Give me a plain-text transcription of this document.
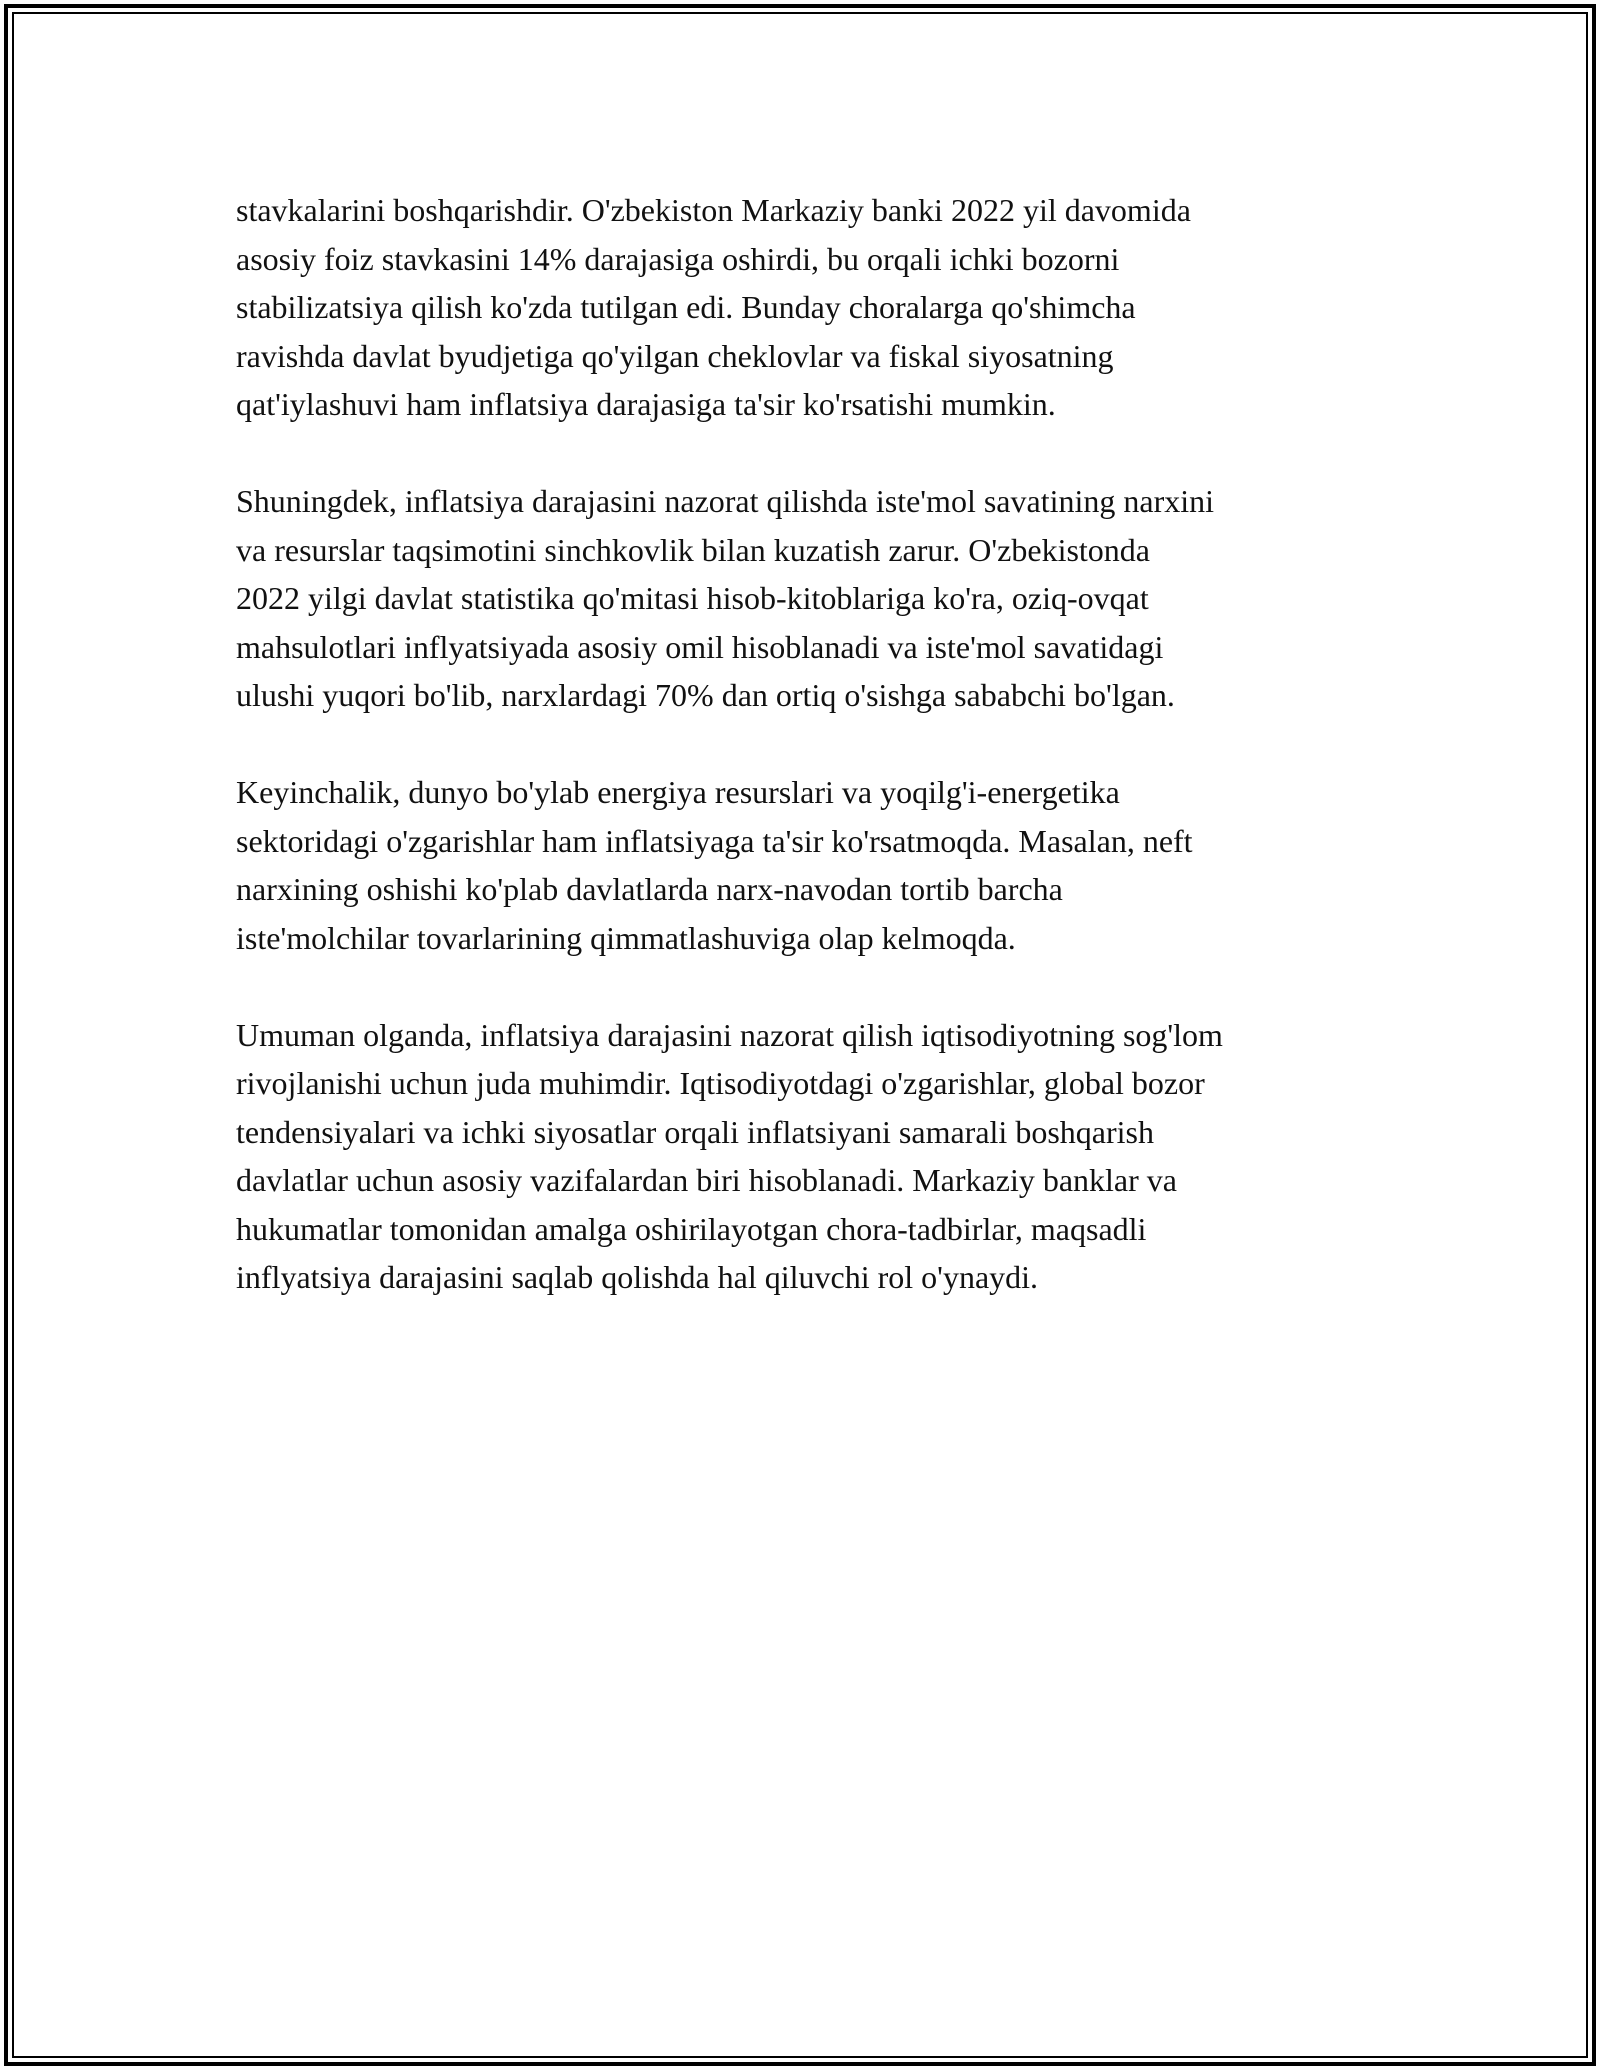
stavkalarini boshqarishdir. O'zbekiston Markaziy banki 2022 yil davomida
asosiy foiz stavkasini 14% darajasiga oshirdi, bu orqali ichki bozorni
stabilizatsiya qilish ko'zda tutilgan edi. Bunday choralarga qo'shimcha
ravishda davlat byudjetiga qo'yilgan cheklovlar va fiskal siyosatning
qat'iylashuvi ham inflatsiya darajasiga ta'sir ko'rsatishi mumkin.

Shuningdek, inflatsiya darajasini nazorat qilishda iste'mol savatining narxini
va resurslar taqsimotini sinchkovlik bilan kuzatish zarur. O'zbekistonda
2022 yilgi davlat statistika qo'mitasi hisob-kitoblariga ko'ra, oziq-ovqat
mahsulotlari inflyatsiyada asosiy omil hisoblanadi va iste'mol savatidagi
ulushi yuqori bo'lib, narxlardagi 70% dan ortiq o'sishga sababchi bo'lgan.

Keyinchalik, dunyo bo'ylab energiya resurslari va yoqilg'i-energetika
sektoridagi o'zgarishlar ham inflatsiyaga ta'sir ko'rsatmoqda. Masalan, neft
narxining oshishi ko'plab davlatlarda narx-navodan tortib barcha
iste'molchilar tovarlarining qimmatlashuviga olap kelmoqda.

Umuman olganda, inflatsiya darajasini nazorat qilish iqtisodiyotning sog'lom
rivojlanishi uchun juda muhimdir. Iqtisodiyotdagi o'zgarishlar, global bozor
tendensiyalari va ichki siyosatlar orqali inflatsiyani samarali boshqarish
davlatlar uchun asosiy vazifalardan biri hisoblanadi. Markaziy banklar va
hukumatlar tomonidan amalga oshirilayotgan chora-tadbirlar, maqsadli
inflyatsiya darajasini saqlab qolishda hal qiluvchi rol o'ynaydi.
